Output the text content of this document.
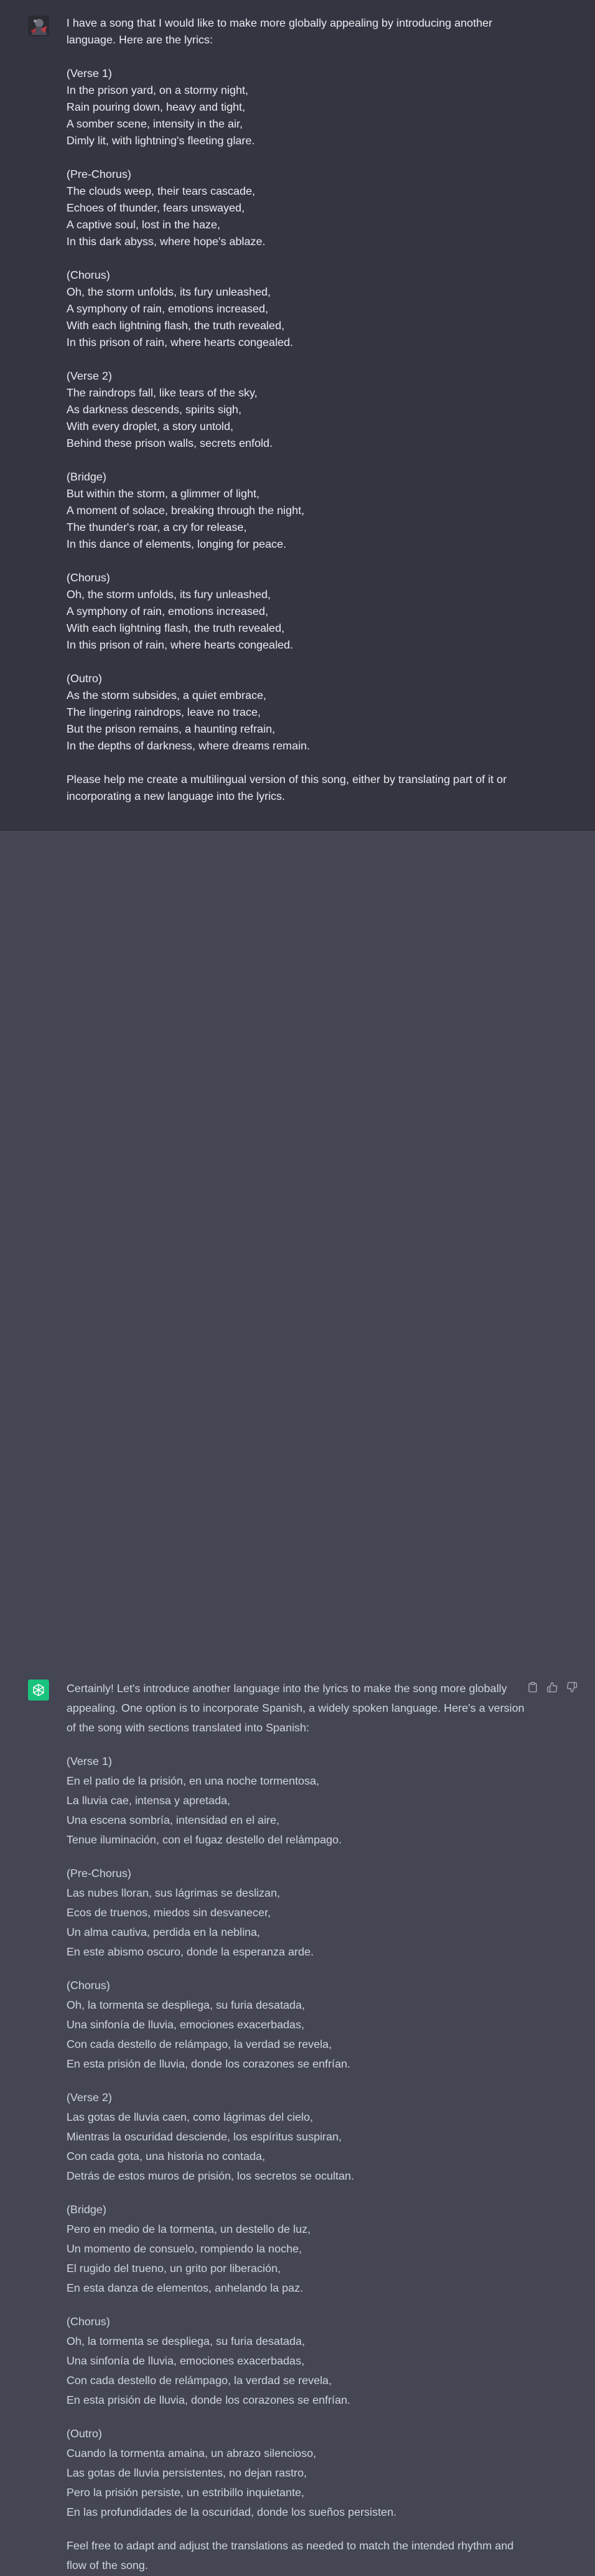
I have a song that I would like to make more globally appealing by introducing another
language. Here are the lyrics:
(Verse 1)
In the prison yard, on a stormy night,
Rain pouring down, heavy and tight,
A somber scene, intensity in the air,
Dimly lit, with lightning's fleeting glare.
(Pre-Chorus)
The clouds weep, their tears cascade,
Echoes of thunder, fears unswayed,
A captive soul, lost in the haze,
In this dark abyss, where hope's ablaze.
(Chorus)
Oh, the storm unfolds, its fury unleashed,
A symphony of rain, emotions increased,
With each lightning flash, the truth revealed,
In this prison of rain, where hearts congealed.
(Verse 2)
The raindrops fall, like tears of the sky,
As darkness descends, spirits sigh,
With every droplet, a story untold,
Behind these prison walls, secrets enfold.
(Bridge)
But within the storm, a glimmer of light,
A moment of solace, breaking through the night,
The thunder's roar, a cry for release,
In this dance of elements, longing for peace.
(Chorus)
Oh, the storm unfolds, its fury unleashed,
A symphony of rain, emotions increased,
With each lightning flash, the truth revealed,
In this prison of rain, where hearts congealed.
(Outro)
As the storm subsides, a quiet embrace,
The lingering raindrops, leave no trace,
But the prison remains, a haunting refrain,
In the depths of darkness, where dreams remain.
Please help me create a multilingual version of this song, either by translating part of it or
incorporating a new language into the lyrics.
Certainly! Let's introduce another language into the lyrics to make the song more globally
appealing. One option is to incorporate Spanish, a widely spoken language. Here's a version
of the song with sections translated into Spanish:
(Verse 1)
En el patio de la prisión, en una noche tormentosa,
La lluvia cae, intensa y apretada,
Una escena sombría, intensidad en el aire,
Tenue iluminación, con el fugaz destello del relámpago.
(Pre-Chorus)
Las nubes lloran, sus lágrimas se deslizan,
Ecos de truenos, miedos sin desvanecer,
Un alma cautiva, perdida en la neblina,
En este abismo oscuro, donde la esperanza arde.
(Chorus)
Oh, la tormenta se despliega, su furia desatada,
Una sinfonía de lluvia, emociones exacerbadas,
Con cada destello de relámpago, la verdad se revela,
En esta prisión de lluvia, donde los corazones se enfrían.
(Verse 2)
Las gotas de lluvia caen, como lágrimas del cielo,
Mientras la oscuridad desciende, los espíritus suspiran,
Con cada gota, una historia no contada,
Detrás de estos muros de prisión, los secretos se ocultan.
(Bridge)
Pero en medio de la tormenta, un destello de luz,
Un momento de consuelo, rompiendo la noche,
El rugido del trueno, un grito por liberación,
En esta danza de elementos, anhelando la paz.
(Chorus)
Oh, la tormenta se despliega, su furia desatada,
Una sinfonía de lluvia, emociones exacerbadas,
Con cada destello de relámpago, la verdad se revela,
En esta prisión de lluvia, donde los corazones se enfrían.
(Outro)
Cuando la tormenta amaina, un abrazo silencioso,
Las gotas de lluvia persistentes, no dejan rastro,
Pero la prisión persiste, un estribillo inquietante,
En las profundidades de la oscuridad, donde los sueños persisten.
Feel free to adapt and adjust the translations as needed to match the intended rhythm and
flow of the song.
